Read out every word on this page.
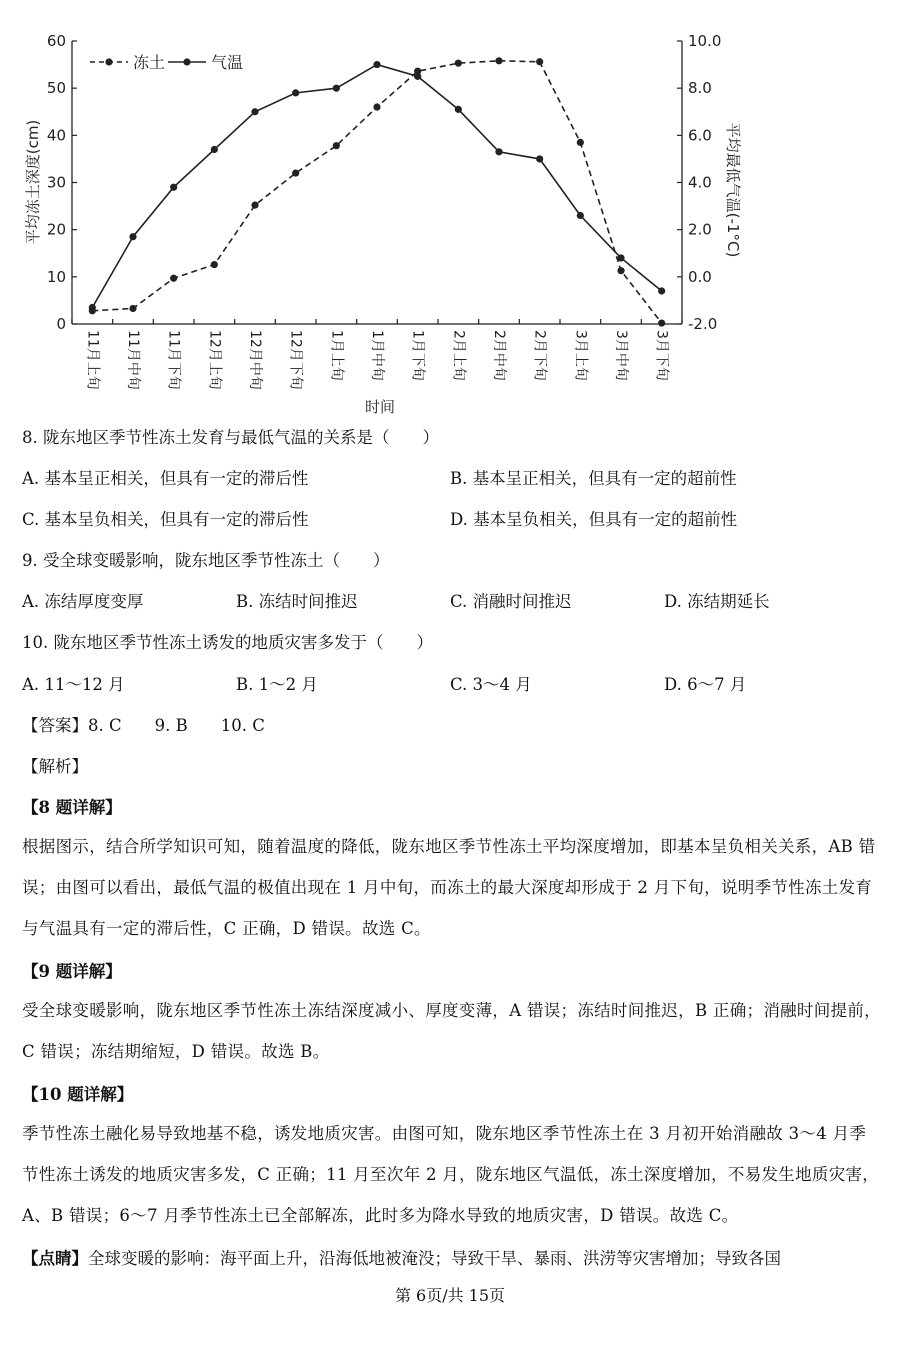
0
10
20
30
40
50
60
-2.0
0.0
2.0
4.0
6.0
8.0
10.0
11月上旬 11月中旬 11月下旬 12月上旬 12月中旬 12月下旬 1月上旬 1月中旬 1月下旬 2月上旬 2月中旬 2月下旬 3月上旬 3月中旬 3月下旬
时间
平均冻土深度(cm)	平均最低气温(-1°C)
冻土	气温
8. 陇东地区季节性冻土发育与最低气温的关系是（　　）
A. 基本呈正相关，但具有一定的滞后性	B. 基本呈正相关，但具有一定的超前性
C. 基本呈负相关，但具有一定的滞后性	D. 基本呈负相关，但具有一定的超前性
9. 受全球变暖影响，陇东地区季节性冻土（　　）
A. 冻结厚度变厚	B. 冻结时间推迟	C. 消融时间推迟	D. 冻结期延长
10. 陇东地区季节性冻土诱发的地质灾害多发于（　　）
A. 11～12 月	B. 1～2 月	C. 3～4 月	D. 6～7 月
【答案】8. C　　9. B　　10. C
【解析】
【8 题详解】
根据图示，结合所学知识可知，随着温度的降低，陇东地区季节性冻土平均深度增加，即基本呈负相关关系，AB 错误；由图可以看出，最低气温的极值出现在 1 月中旬，而冻土的最大深度却形成于 2 月下旬，说明季节性冻土发育与气温具有一定的滞后性，C 正确，D 错误。故选 C。
【9 题详解】
受全球变暖影响，陇东地区季节性冻土冻结深度减小、厚度变薄，A 错误；冻结时间推迟，B 正确；消融时间提前，C 错误；冻结期缩短，D 错误。故选 B。
【10 题详解】
季节性冻土融化易导致地基不稳，诱发地质灾害。由图可知，陇东地区季节性冻土在 3 月初开始消融故 3～4 月季节性冻土诱发的地质灾害多发，C 正确；11 月至次年 2 月，陇东地区气温低，冻土深度增加，不易发生地质灾害，A、B 错误；6～7 月季节性冻土已全部解冻，此时多为降水导致的地质灾害，D 错误。故选 C。
【点睛】全球变暖的影响：海平面上升，沿海低地被淹没；导致干旱、暴雨、洪涝等灾害增加；导致各国
第 6页/共 15页
